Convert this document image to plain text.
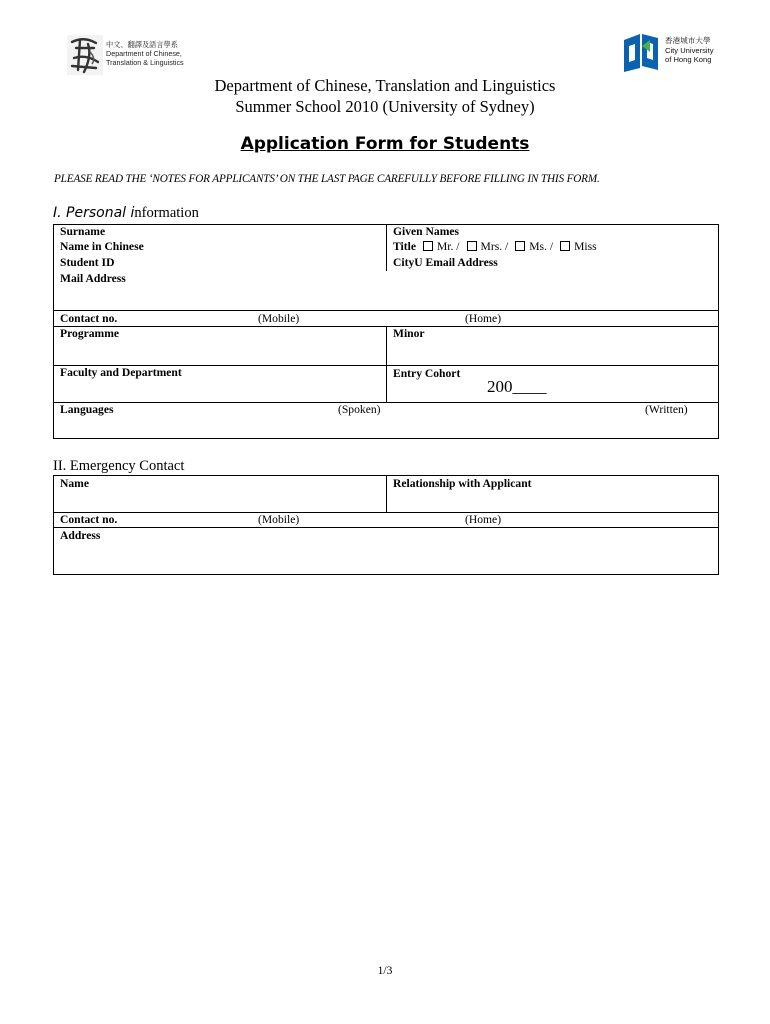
中文、翻譯及語言學系
Department of Chinese,
Translation & Linguistics
香港城市大學
City University
of Hong Kong
Department of Chinese, Translation and Linguistics
Summer School 2010 (University of Sydney)
Application Form for Students
PLEASE READ THE ‘NOTES FOR APPLICANTS’ ON THE LAST PAGE CAREFULLY BEFORE FILLING IN THIS FORM.
I. Personal information
Surname	Given Names
Name in Chinese	Title Mr. / Mrs. / Ms. / Miss
Student ID	CityU Email Address
Mail Address
Contact no.	(Mobile)	(Home)
Programme	Minor
Faculty and Department	Entry Cohort
200____
Languages	(Spoken)	(Written)
II. Emergency Contact
Name	Relationship with Applicant
Contact no.	(Mobile)	(Home)
Address
1/3
